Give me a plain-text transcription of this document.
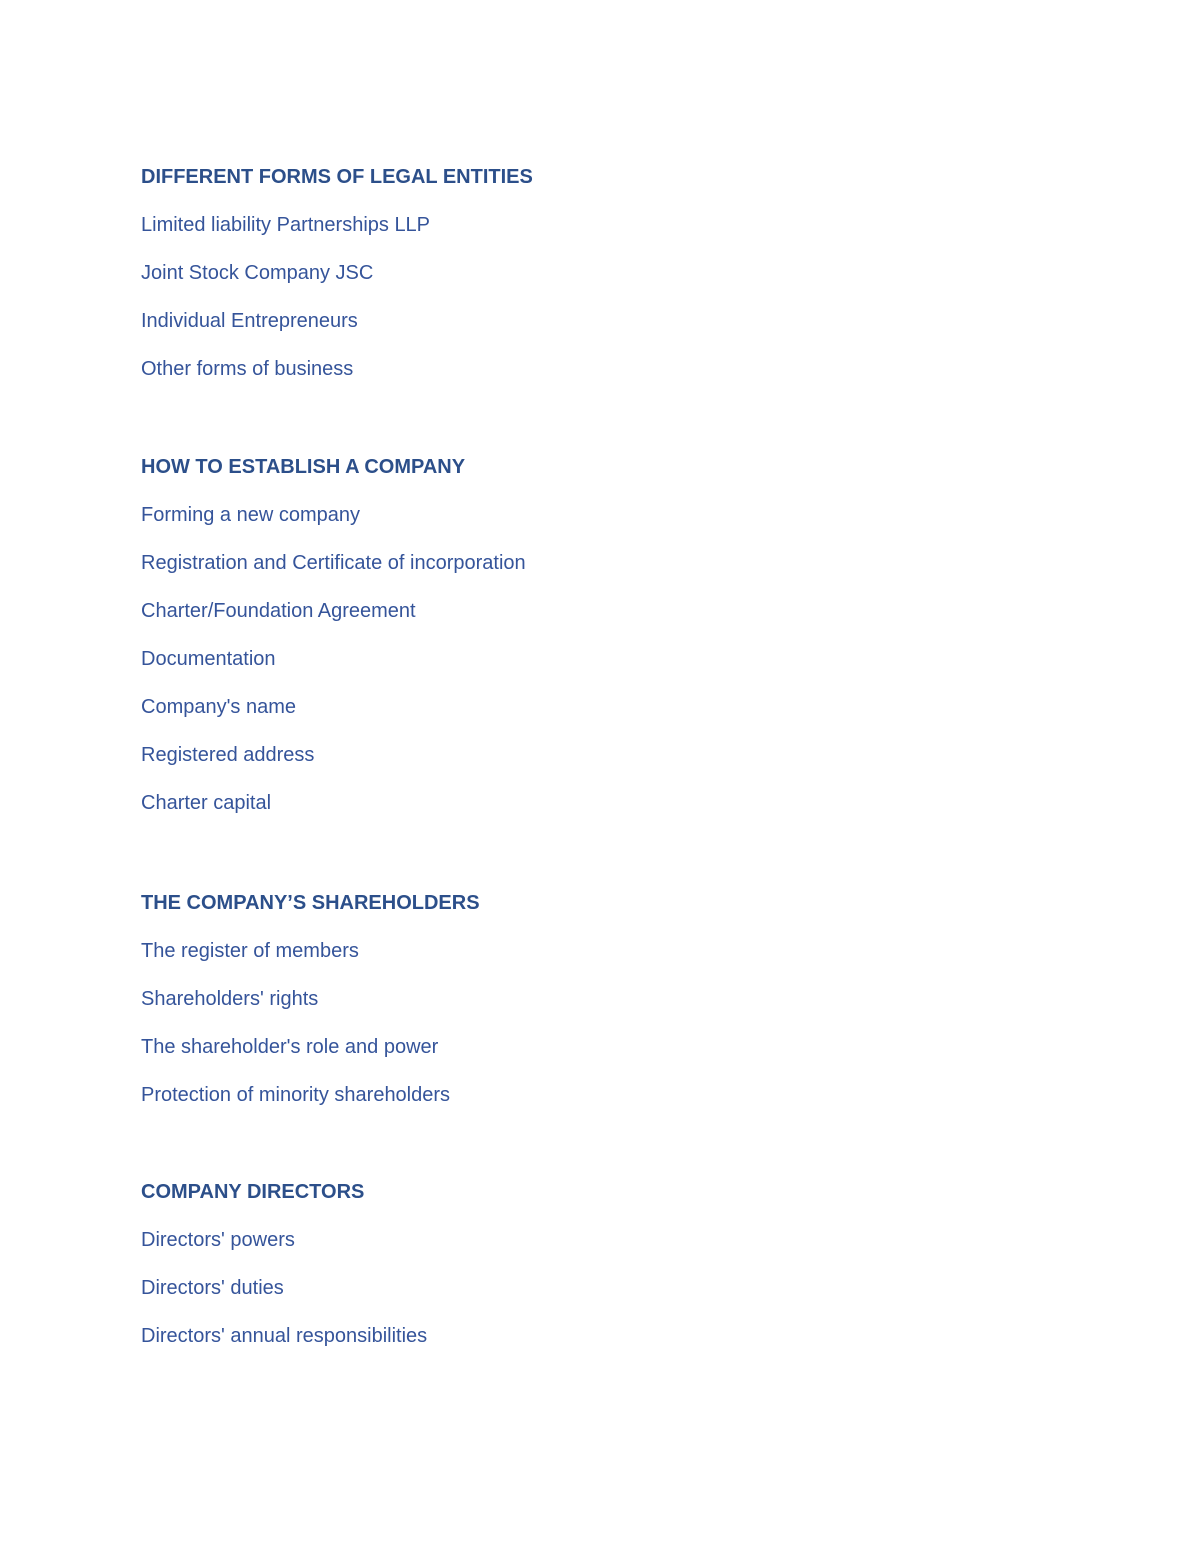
DIFFERENT FORMS OF LEGAL ENTITIES
Limited liability Partnerships LLP
Joint Stock Company JSC
Individual Entrepreneurs
Other forms of business
HOW TO ESTABLISH A COMPANY
Forming a new company
Registration and Certificate of incorporation
Charter/Foundation Agreement
Documentation
Company's name
Registered address
Charter capital
THE COMPANY’S SHAREHOLDERS
The register of members
Shareholders' rights
The shareholder's role and power
Protection of minority shareholders
COMPANY DIRECTORS
Directors' powers
Directors' duties
Directors' annual responsibilities
